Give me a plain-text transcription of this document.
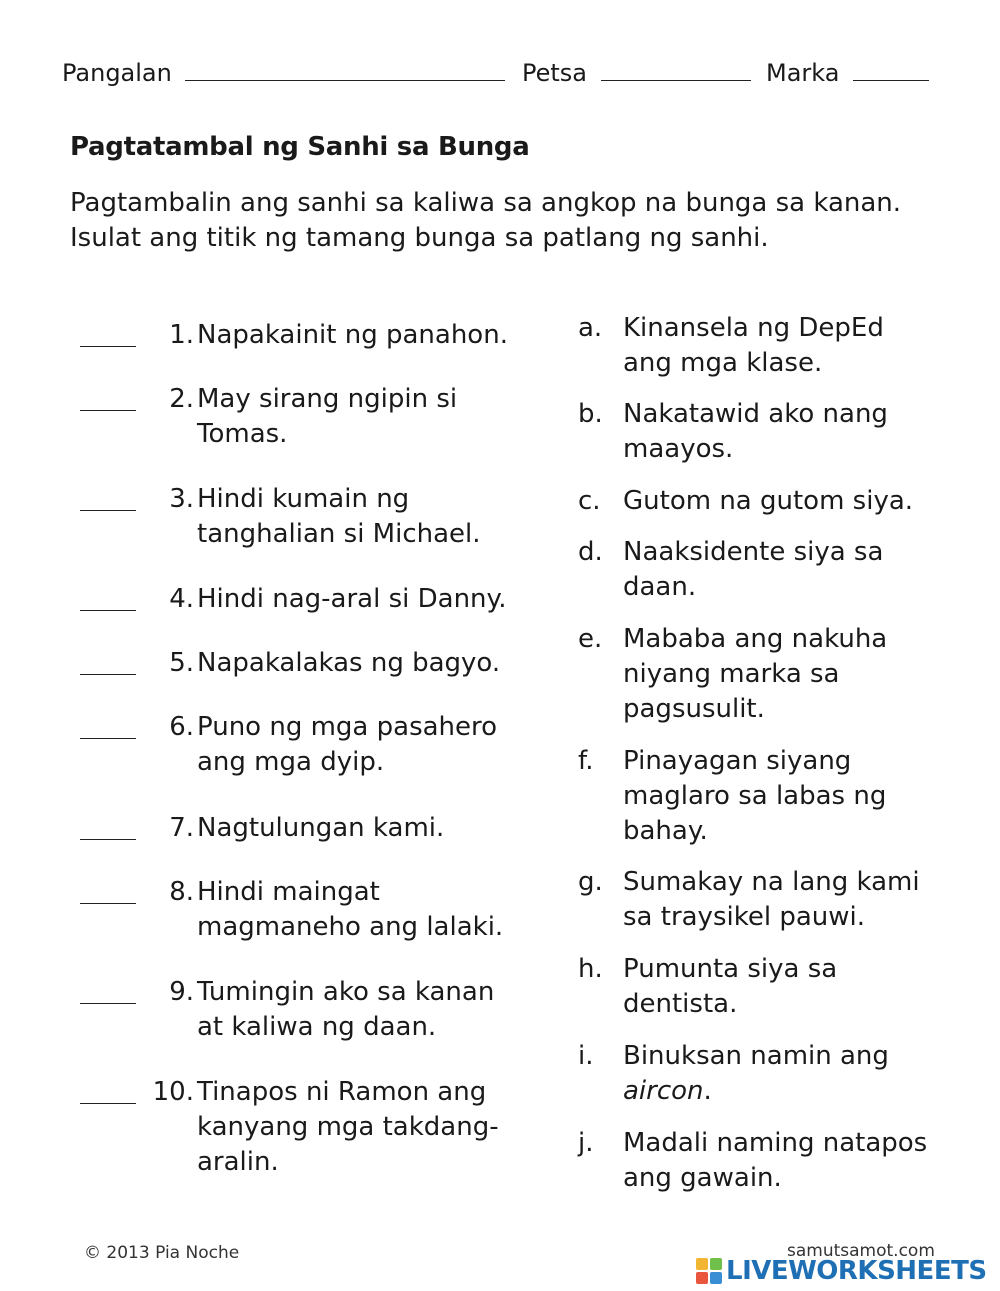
Pangalan	Petsa	Marka
Pagtatambal ng Sanhi sa Bunga
Pagtambalin ang sanhi sa kaliwa sa angkop na bunga sa kanan. Isulat ang titik ng tamang bunga sa patlang ng sanhi.
1. Napakainit ng panahon.
2. May sirang ngipin si Tomas.
3. Hindi kumain ng tanghalian si Michael.
4. Hindi nag-aral si Danny.
5. Napakalakas ng bagyo.
6. Puno ng mga pasahero ang mga dyip.
7. Nagtulungan kami.
8. Hindi maingat magmaneho ang lalaki.
9. Tumingin ako sa kanan at kaliwa ng daan.
10. Tinapos ni Ramon ang kanyang mga takdang-aralin.
a. Kinansela ng DepEd ang mga klase.
b. Nakatawid ako nang maayos.
c. Gutom na gutom siya.
d. Naaksidente siya sa daan.
e. Mababa ang nakuha niyang marka sa pagsusulit.
f. Pinayagan siyang maglaro sa labas ng bahay.
g. Sumakay na lang kami sa traysikel pauwi.
h. Pumunta siya sa dentista.
i. Binuksan namin ang aircon.
j. Madali naming natapos ang gawain.
© 2013 Pia Noche	samutsamot.com
LIVEWORKSHEETS
